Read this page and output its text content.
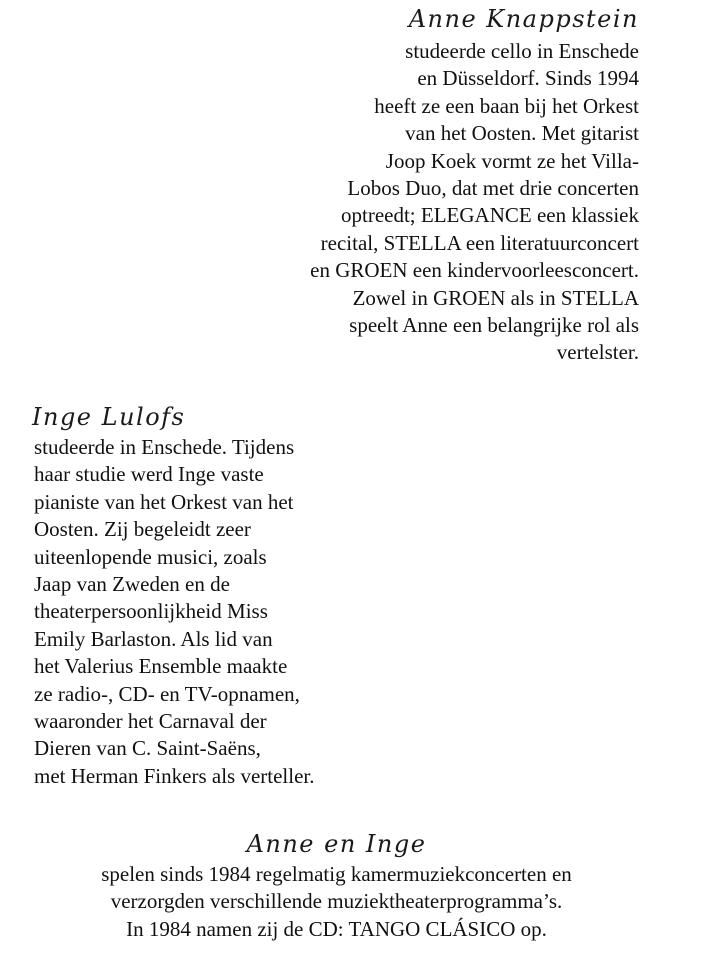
Anne Knappstein
studeerde cello in Enschede
en Düsseldorf. Sinds 1994
heeft ze een baan bij het Orkest
van het Oosten. Met gitarist
Joop Koek vormt ze het Villa-
Lobos Duo, dat met drie concerten
optreedt; ELEGANCE een klassiek
recital, STELLA een literatuurconcert
en GROEN een kindervoorleesconcert.
Zowel in GROEN als in STELLA
speelt Anne een belangrijke rol als
vertelster.
Inge Lulofs
studeerde in Enschede. Tijdens
haar studie werd Inge vaste
pianiste van het Orkest van het
Oosten. Zij begeleidt zeer
uiteenlopende musici, zoals
Jaap van Zweden en de
theaterpersoonlijkheid Miss
Emily Barlaston. Als lid van
het Valerius Ensemble maakte
ze radio-, CD- en TV-opnamen,
waaronder het Carnaval der
Dieren van C. Saint-Saëns,
met Herman Finkers als verteller.
Anne en Inge
spelen sinds 1984 regelmatig kamermuziekconcerten en
verzorgden verschillende muziektheaterprogramma’s.
In 1984 namen zij de CD: TANGO CLÁSICO op.
